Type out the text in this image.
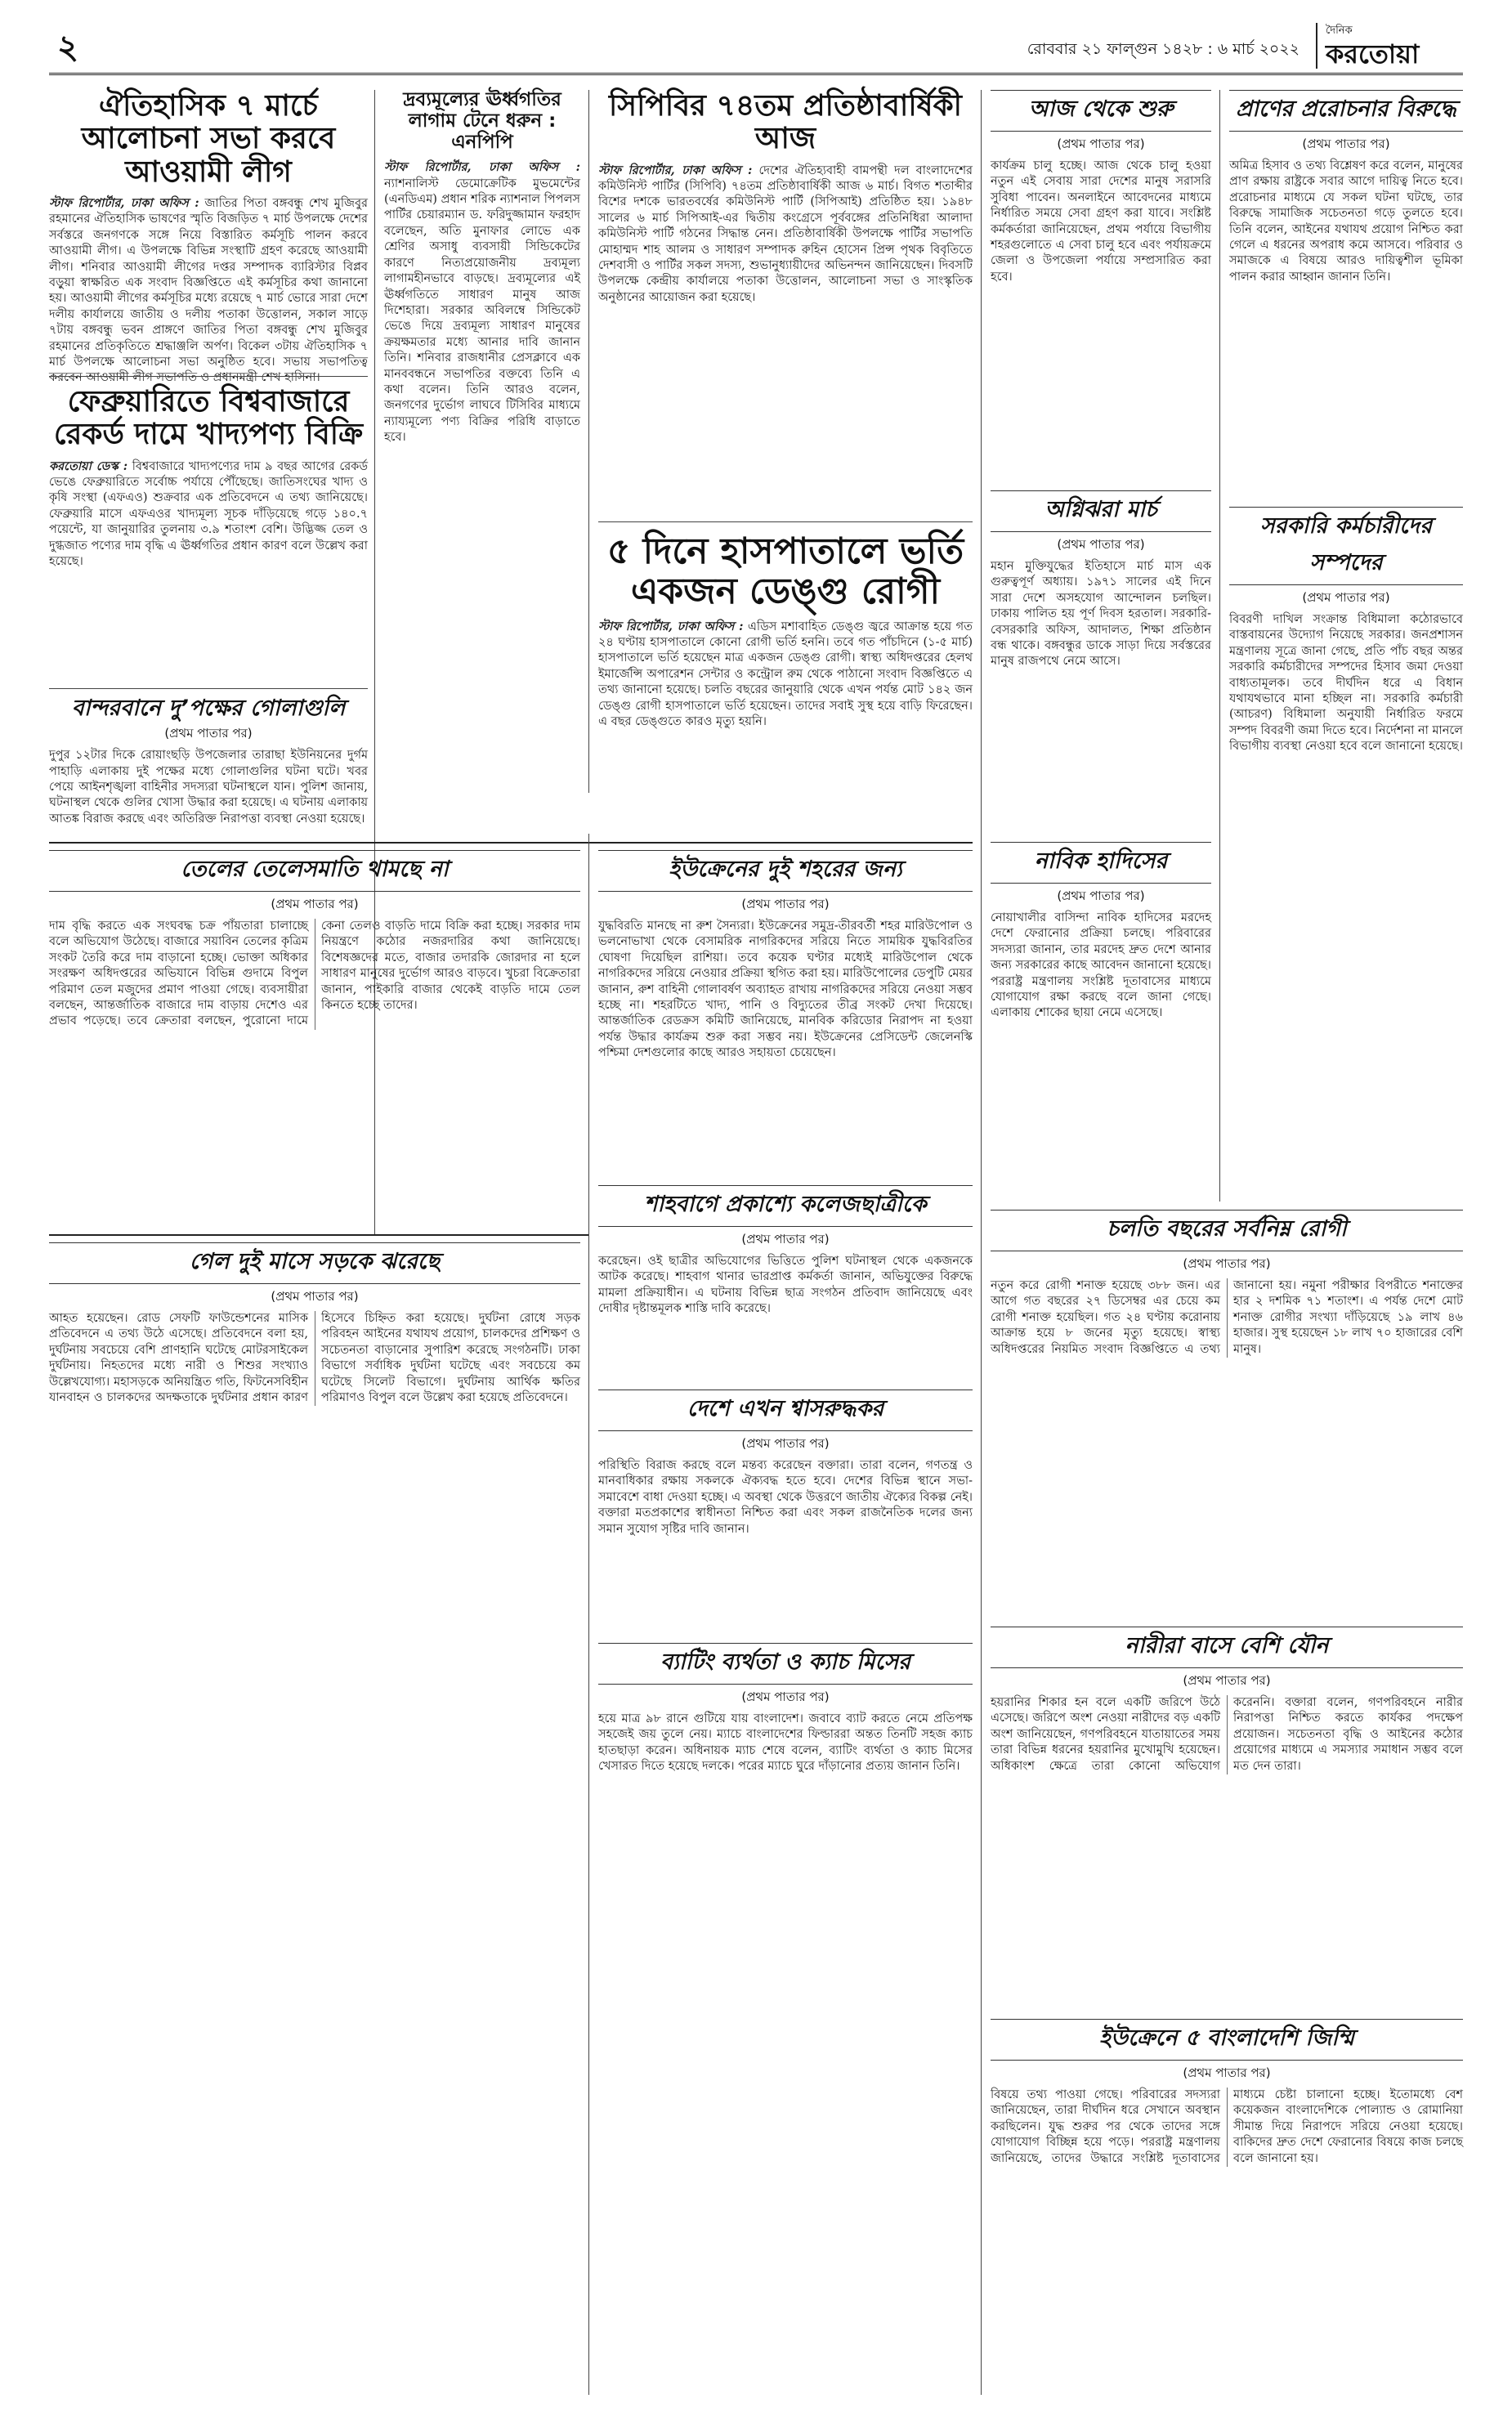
২	রোববার ২১ ফাল্গুন ১৪২৮ : ৬ মার্চ ২০২২
দৈনিক
করতোয়া
ঐতিহাসিক ৭ মার্চে আলোচনা সভা করবে আওয়ামী লীগ
স্টাফ রিপোর্টার, ঢাকা অফিস : জাতির পিতা বঙ্গবন্ধু শেখ মুজিবুর রহমানের ঐতিহাসিক ভাষণের স্মৃতি বিজড়িত ৭ মার্চ উপলক্ষে দেশের সর্বস্তরে জনগণকে সঙ্গে নিয়ে বিস্তারিত কর্মসূচি পালন করবে আওয়ামী লীগ। এ উপলক্ষে বিভিন্ন সংস্থাটি গ্রহণ করেছে আওয়ামী লীগ। শনিবার আওয়ামী লীগের দপ্তর সম্পাদক ব্যারিস্টার বিপ্লব বড়ুয়া স্বাক্ষরিত এক সংবাদ বিজ্ঞপ্তিতে এই কর্মসূচির কথা জানানো হয়। আওয়ামী লীগের কর্মসূচির মধ্যে রয়েছে ৭ মার্চ ভোরে সারা দেশে দলীয় কার্যালয়ে জাতীয় ও দলীয় পতাকা উত্তোলন, সকাল সাড়ে ৭টায় বঙ্গবন্ধু ভবন প্রাঙ্গণে জাতির পিতা বঙ্গবন্ধু শেখ মুজিবুর রহমানের প্রতিকৃতিতে শ্রদ্ধাঞ্জলি অর্পণ। বিকেল ৩টায় ঐতিহাসিক ৭ মার্চ উপলক্ষে আলোচনা সভা অনুষ্ঠিত হবে। সভায় সভাপতিত্ব করবেন আওয়ামী লীগ সভাপতি ও প্রধানমন্ত্রী শেখ হাসিনা।
ফেব্রুয়ারিতে বিশ্ববাজারে রেকর্ড দামে খাদ্যপণ্য বিক্রি
করতোয়া ডেস্ক : বিশ্ববাজারে খাদ্যপণ্যের দাম ৯ বছর আগের রেকর্ড ভেঙে ফেব্রুয়ারিতে সর্বোচ্চ পর্যায়ে পৌঁছেছে। জাতিসংঘের খাদ্য ও কৃষি সংস্থা (এফএও) শুক্রবার এক প্রতিবেদনে এ তথ্য জানিয়েছে। ফেব্রুয়ারি মাসে এফএওর খাদ্যমূল্য সূচক দাঁড়িয়েছে গড়ে ১৪০.৭ পয়েন্টে, যা জানুয়ারির তুলনায় ৩.৯ শতাংশ বেশি। উদ্ভিজ্জ তেল ও দুগ্ধজাত পণ্যের দাম বৃদ্ধি এ ঊর্ধ্বগতির প্রধান কারণ বলে উল্লেখ করা হয়েছে।
বান্দরবানে দু’পক্ষের গোলাগুলি
(প্রথম পাতার পর)
দুপুর ১২টার দিকে রোয়াংছড়ি উপজেলার তারাছা ইউনিয়নের দুর্গম পাহাড়ি এলাকায় দুই পক্ষের মধ্যে গোলাগুলির ঘটনা ঘটে। খবর পেয়ে আইনশৃঙ্খলা বাহিনীর সদস্যরা ঘটনাস্থলে যান। পুলিশ জানায়, ঘটনাস্থল থেকে গুলির খোসা উদ্ধার করা হয়েছে। এ ঘটনায় এলাকায় আতঙ্ক বিরাজ করছে এবং অতিরিক্ত নিরাপত্তা ব্যবস্থা নেওয়া হয়েছে।
দ্রব্যমূল্যের ঊর্ধ্বগতির লাগাম টেনে ধরুন : এনপিপি
স্টাফ রিপোর্টার, ঢাকা অফিস : ন্যাশনালিস্ট ডেমোক্রেটিক মুভমেন্টের (এনডিএম) প্রধান শরিক ন্যাশনাল পিপলস পার্টির চেয়ারম্যান ড. ফরিদুজ্জামান ফরহাদ বলেছেন, অতি মুনাফার লোভে এক শ্রেণির অসাধু ব্যবসায়ী সিন্ডিকেটের কারণে নিত্যপ্রয়োজনীয় দ্রব্যমূল্য লাগামহীনভাবে বাড়ছে। দ্রব্যমূল্যের এই ঊর্ধ্বগতিতে সাধারণ মানুষ আজ দিশেহারা। সরকার অবিলম্বে সিন্ডিকেট ভেঙে দিয়ে দ্রব্যমূল্য সাধারণ মানুষের ক্রয়ক্ষমতার মধ্যে আনার দাবি জানান তিনি। শনিবার রাজধানীর প্রেসক্লাবে এক মানববন্ধনে সভাপতির বক্তব্যে তিনি এ কথা বলেন। তিনি আরও বলেন, জনগণের দুর্ভোগ লাঘবে টিসিবির মাধ্যমে ন্যায্যমূল্যে পণ্য বিক্রির পরিধি বাড়াতে হবে।
সিপিবির ৭৪তম প্রতিষ্ঠাবার্ষিকী আজ
স্টাফ রিপোর্টার, ঢাকা অফিস : দেশের ঐতিহ্যবাহী বামপন্থী দল বাংলাদেশের কমিউনিস্ট পার্টির (সিপিবি) ৭৪তম প্রতিষ্ঠাবার্ষিকী আজ ৬ মার্চ। বিগত শতাব্দীর বিশের দশকে ভারতবর্ষের কমিউনিস্ট পার্টি (সিপিআই) প্রতিষ্ঠিত হয়। ১৯৪৮ সালের ৬ মার্চ সিপিআই-এর দ্বিতীয় কংগ্রেসে পূর্ববঙ্গের প্রতিনিধিরা আলাদা কমিউনিস্ট পার্টি গঠনের সিদ্ধান্ত নেন। প্রতিষ্ঠাবার্ষিকী উপলক্ষে পার্টির সভাপতি মোহাম্মদ শাহ আলম ও সাধারণ সম্পাদক রুহিন হোসেন প্রিন্স পৃথক বিবৃতিতে দেশবাসী ও পার্টির সকল সদস্য, শুভানুধ্যায়ীদের অভিনন্দন জানিয়েছেন। দিবসটি উপলক্ষে কেন্দ্রীয় কার্যালয়ে পতাকা উত্তোলন, আলোচনা সভা ও সাংস্কৃতিক অনুষ্ঠানের আয়োজন করা হয়েছে।
৫ দিনে হাসপাতালে ভর্তি একজন ডেঙ্গু রোগী
স্টাফ রিপোর্টার, ঢাকা অফিস : এডিস মশাবাহিত ডেঙ্গু জ্বরে আক্রান্ত হয়ে গত ২৪ ঘণ্টায় হাসপাতালে কোনো রোগী ভর্তি হননি। তবে গত পাঁচদিনে (১-৫ মার্চ) হাসপাতালে ভর্তি হয়েছেন মাত্র একজন ডেঙ্গু রোগী। স্বাস্থ্য অধিদপ্তরের হেলথ ইমার্জেন্সি অপারেশন সেন্টার ও কন্ট্রোল রুম থেকে পাঠানো সংবাদ বিজ্ঞপ্তিতে এ তথ্য জানানো হয়েছে। চলতি বছরের জানুয়ারি থেকে এখন পর্যন্ত মোট ১৪২ জন ডেঙ্গু রোগী হাসপাতালে ভর্তি হয়েছেন। তাদের সবাই সুস্থ হয়ে বাড়ি ফিরেছেন। এ বছর ডেঙ্গুতে কারও মৃত্যু হয়নি।
তেলের তেলেসমাতি থামছে না
(প্রথম পাতার পর)
দাম বৃদ্ধি করতে এক সংঘবদ্ধ চক্র পাঁয়তারা চালাচ্ছে বলে অভিযোগ উঠেছে। বাজারে সয়াবিন তেলের কৃত্রিম সংকট তৈরি করে দাম বাড়ানো হচ্ছে। ভোক্তা অধিকার সংরক্ষণ অধিদপ্তরের অভিযানে বিভিন্ন গুদামে বিপুল পরিমাণ তেল মজুদের প্রমাণ পাওয়া গেছে। ব্যবসায়ীরা বলছেন, আন্তর্জাতিক বাজারে দাম বাড়ায় দেশেও এর প্রভাব পড়েছে। তবে ক্রেতারা বলছেন, পুরোনো দামে কেনা তেলও বাড়তি দামে বিক্রি করা হচ্ছে। সরকার দাম নিয়ন্ত্রণে কঠোর নজরদারির কথা জানিয়েছে। বিশেষজ্ঞদের মতে, বাজার তদারকি জোরদার না হলে সাধারণ মানুষের দুর্ভোগ আরও বাড়বে। খুচরা বিক্রেতারা জানান, পাইকারি বাজার থেকেই বাড়তি দামে তেল কিনতে হচ্ছে তাদের।
ইউক্রেনের দুই শহরের জন্য
(প্রথম পাতার পর)
যুদ্ধবিরতি মানছে না রুশ সৈন্যরা। ইউক্রেনের সমুদ্র-তীরবর্তী শহর মারিউপোল ও ভলনোভাখা থেকে বেসামরিক নাগরিকদের সরিয়ে নিতে সাময়িক যুদ্ধবিরতির ঘোষণা দিয়েছিল রাশিয়া। তবে কয়েক ঘণ্টার মধ্যেই মারিউপোল থেকে নাগরিকদের সরিয়ে নেওয়ার প্রক্রিয়া স্থগিত করা হয়। মারিউপোলের ডেপুটি মেয়র জানান, রুশ বাহিনী গোলাবর্ষণ অব্যাহত রাখায় নাগরিকদের সরিয়ে নেওয়া সম্ভব হচ্ছে না। শহরটিতে খাদ্য, পানি ও বিদ্যুতের তীব্র সংকট দেখা দিয়েছে। আন্তর্জাতিক রেডক্রস কমিটি জানিয়েছে, মানবিক করিডোর নিরাপদ না হওয়া পর্যন্ত উদ্ধার কার্যক্রম শুরু করা সম্ভব নয়। ইউক্রেনের প্রেসিডেন্ট জেলেনস্কি পশ্চিমা দেশগুলোর কাছে আরও সহায়তা চেয়েছেন।
শাহবাগে প্রকাশ্যে কলেজছাত্রীকে
(প্রথম পাতার পর)
করেছেন। ওই ছাত্রীর অভিযোগের ভিত্তিতে পুলিশ ঘটনাস্থল থেকে একজনকে আটক করেছে। শাহবাগ থানার ভারপ্রাপ্ত কর্মকর্তা জানান, অভিযুক্তের বিরুদ্ধে মামলা প্রক্রিয়াধীন। এ ঘটনায় বিভিন্ন ছাত্র সংগঠন প্রতিবাদ জানিয়েছে এবং দোষীর দৃষ্টান্তমূলক শাস্তি দাবি করেছে।
দেশে এখন শ্বাসরুদ্ধকর
(প্রথম পাতার পর)
পরিস্থিতি বিরাজ করছে বলে মন্তব্য করেছেন বক্তারা। তারা বলেন, গণতন্ত্র ও মানবাধিকার রক্ষায় সকলকে ঐক্যবদ্ধ হতে হবে। দেশের বিভিন্ন স্থানে সভা-সমাবেশে বাধা দেওয়া হচ্ছে। এ অবস্থা থেকে উত্তরণে জাতীয় ঐক্যের বিকল্প নেই। বক্তারা মতপ্রকাশের স্বাধীনতা নিশ্চিত করা এবং সকল রাজনৈতিক দলের জন্য সমান সুযোগ সৃষ্টির দাবি জানান।
ব্যাটিং ব্যর্থতা ও ক্যাচ মিসের
(প্রথম পাতার পর)
হয়ে মাত্র ৯৮ রানে গুটিয়ে যায় বাংলাদেশ। জবাবে ব্যাট করতে নেমে প্রতিপক্ষ সহজেই জয় তুলে নেয়। ম্যাচে বাংলাদেশের ফিল্ডাররা অন্তত তিনটি সহজ ক্যাচ হাতছাড়া করেন। অধিনায়ক ম্যাচ শেষে বলেন, ব্যাটিং ব্যর্থতা ও ক্যাচ মিসের খেসারত দিতে হয়েছে দলকে। পরের ম্যাচে ঘুরে দাঁড়ানোর প্রত্যয় জানান তিনি।
গেল দুই মাসে সড়কে ঝরেছে
(প্রথম পাতার পর)
আহত হয়েছেন। রোড সেফটি ফাউন্ডেশনের মাসিক প্রতিবেদনে এ তথ্য উঠে এসেছে। প্রতিবেদনে বলা হয়, দুর্ঘটনায় সবচেয়ে বেশি প্রাণহানি ঘটেছে মোটরসাইকেল দুর্ঘটনায়। নিহতদের মধ্যে নারী ও শিশুর সংখ্যাও উল্লেখযোগ্য। মহাসড়কে অনিয়ন্ত্রিত গতি, ফিটনেসবিহীন যানবাহন ও চালকদের অদক্ষতাকে দুর্ঘটনার প্রধান কারণ হিসেবে চিহ্নিত করা হয়েছে। দুর্ঘটনা রোধে সড়ক পরিবহন আইনের যথাযথ প্রয়োগ, চালকদের প্রশিক্ষণ ও সচেতনতা বাড়ানোর সুপারিশ করেছে সংগঠনটি। ঢাকা বিভাগে সর্বাধিক দুর্ঘটনা ঘটেছে এবং সবচেয়ে কম ঘটেছে সিলেট বিভাগে। দুর্ঘটনায় আর্থিক ক্ষতির পরিমাণও বিপুল বলে উল্লেখ করা হয়েছে প্রতিবেদনে।
আজ থেকে শুরু
(প্রথম পাতার পর)
কার্যক্রম চালু হচ্ছে। আজ থেকে চালু হওয়া নতুন এই সেবায় সারা দেশের মানুষ সরাসরি সুবিধা পাবেন। অনলাইনে আবেদনের মাধ্যমে নির্ধারিত সময়ে সেবা গ্রহণ করা যাবে। সংশ্লিষ্ট কর্মকর্তারা জানিয়েছেন, প্রথম পর্যায়ে বিভাগীয় শহরগুলোতে এ সেবা চালু হবে এবং পর্যায়ক্রমে জেলা ও উপজেলা পর্যায়ে সম্প্রসারিত করা হবে।
অগ্নিঝরা মার্চ
(প্রথম পাতার পর)
মহান মুক্তিযুদ্ধের ইতিহাসে মার্চ মাস এক গুরুত্বপূর্ণ অধ্যায়। ১৯৭১ সালের এই দিনে সারা দেশে অসহযোগ আন্দোলন চলছিল। ঢাকায় পালিত হয় পূর্ণ দিবস হরতাল। সরকারি-বেসরকারি অফিস, আদালত, শিক্ষা প্রতিষ্ঠান বন্ধ থাকে। বঙ্গবন্ধুর ডাকে সাড়া দিয়ে সর্বস্তরের মানুষ রাজপথে নেমে আসে।
নাবিক হাদিসের
(প্রথম পাতার পর)
নোয়াখালীর বাসিন্দা নাবিক হাদিসের মরদেহ দেশে ফেরানোর প্রক্রিয়া চলছে। পরিবারের সদস্যরা জানান, তার মরদেহ দ্রুত দেশে আনার জন্য সরকারের কাছে আবেদন জানানো হয়েছে। পররাষ্ট্র মন্ত্রণালয় সংশ্লিষ্ট দূতাবাসের মাধ্যমে যোগাযোগ রক্ষা করছে বলে জানা গেছে। এলাকায় শোকের ছায়া নেমে এসেছে।
প্রাণের প্ররোচনার বিরুদ্ধে
(প্রথম পাতার পর)
অমিত্র হিসাব ও তথ্য বিশ্লেষণ করে বলেন, মানুষের প্রাণ রক্ষায় রাষ্ট্রকে সবার আগে দায়িত্ব নিতে হবে। প্ররোচনার মাধ্যমে যে সকল ঘটনা ঘটছে, তার বিরুদ্ধে সামাজিক সচেতনতা গড়ে তুলতে হবে। তিনি বলেন, আইনের যথাযথ প্রয়োগ নিশ্চিত করা গেলে এ ধরনের অপরাধ কমে আসবে। পরিবার ও সমাজকে এ বিষয়ে আরও দায়িত্বশীল ভূমিকা পালন করার আহ্বান জানান তিনি।
সরকারি কর্মচারীদের সম্পদের
(প্রথম পাতার পর)
বিবরণী দাখিল সংক্রান্ত বিধিমালা কঠোরভাবে বাস্তবায়নের উদ্যোগ নিয়েছে সরকার। জনপ্রশাসন মন্ত্রণালয় সূত্রে জানা গেছে, প্রতি পাঁচ বছর অন্তর সরকারি কর্মচারীদের সম্পদের হিসাব জমা দেওয়া বাধ্যতামূলক। তবে দীর্ঘদিন ধরে এ বিধান যথাযথভাবে মানা হচ্ছিল না। সরকারি কর্মচারী (আচরণ) বিধিমালা অনুযায়ী নির্ধারিত ফরমে সম্পদ বিবরণী জমা দিতে হবে। নির্দেশনা না মানলে বিভাগীয় ব্যবস্থা নেওয়া হবে বলে জানানো হয়েছে।
চলতি বছরের সর্বনিম্ন রোগী
(প্রথম পাতার পর)
নতুন করে রোগী শনাক্ত হয়েছে ৩৮৮ জন। এর আগে গত বছরের ২৭ ডিসেম্বর এর চেয়ে কম রোগী শনাক্ত হয়েছিল। গত ২৪ ঘণ্টায় করোনায় আক্রান্ত হয়ে ৮ জনের মৃত্যু হয়েছে। স্বাস্থ্য অধিদপ্তরের নিয়মিত সংবাদ বিজ্ঞপ্তিতে এ তথ্য জানানো হয়। নমুনা পরীক্ষার বিপরীতে শনাক্তের হার ২ দশমিক ৭১ শতাংশ। এ পর্যন্ত দেশে মোট শনাক্ত রোগীর সংখ্যা দাঁড়িয়েছে ১৯ লাখ ৪৬ হাজার। সুস্থ হয়েছেন ১৮ লাখ ৭০ হাজারের বেশি মানুষ।
নারীরা বাসে বেশি যৌন
(প্রথম পাতার পর)
হয়রানির শিকার হন বলে একটি জরিপে উঠে এসেছে। জরিপে অংশ নেওয়া নারীদের বড় একটি অংশ জানিয়েছেন, গণপরিবহনে যাতায়াতের সময় তারা বিভিন্ন ধরনের হয়রানির মুখোমুখি হয়েছেন। অধিকাংশ ক্ষেত্রে তারা কোনো অভিযোগ করেননি। বক্তারা বলেন, গণপরিবহনে নারীর নিরাপত্তা নিশ্চিত করতে কার্যকর পদক্ষেপ প্রয়োজন। সচেতনতা বৃদ্ধি ও আইনের কঠোর প্রয়োগের মাধ্যমে এ সমস্যার সমাধান সম্ভব বলে মত দেন তারা।
ইউক্রেনে ৫ বাংলাদেশি জিম্মি
(প্রথম পাতার পর)
বিষয়ে তথ্য পাওয়া গেছে। পরিবারের সদস্যরা জানিয়েছেন, তারা দীর্ঘদিন ধরে সেখানে অবস্থান করছিলেন। যুদ্ধ শুরুর পর থেকে তাদের সঙ্গে যোগাযোগ বিচ্ছিন্ন হয়ে পড়ে। পররাষ্ট্র মন্ত্রণালয় জানিয়েছে, তাদের উদ্ধারে সংশ্লিষ্ট দূতাবাসের মাধ্যমে চেষ্টা চালানো হচ্ছে। ইতোমধ্যে বেশ কয়েকজন বাংলাদেশিকে পোল্যান্ড ও রোমানিয়া সীমান্ত দিয়ে নিরাপদে সরিয়ে নেওয়া হয়েছে। বাকিদের দ্রুত দেশে ফেরানোর বিষয়ে কাজ চলছে বলে জানানো হয়।
